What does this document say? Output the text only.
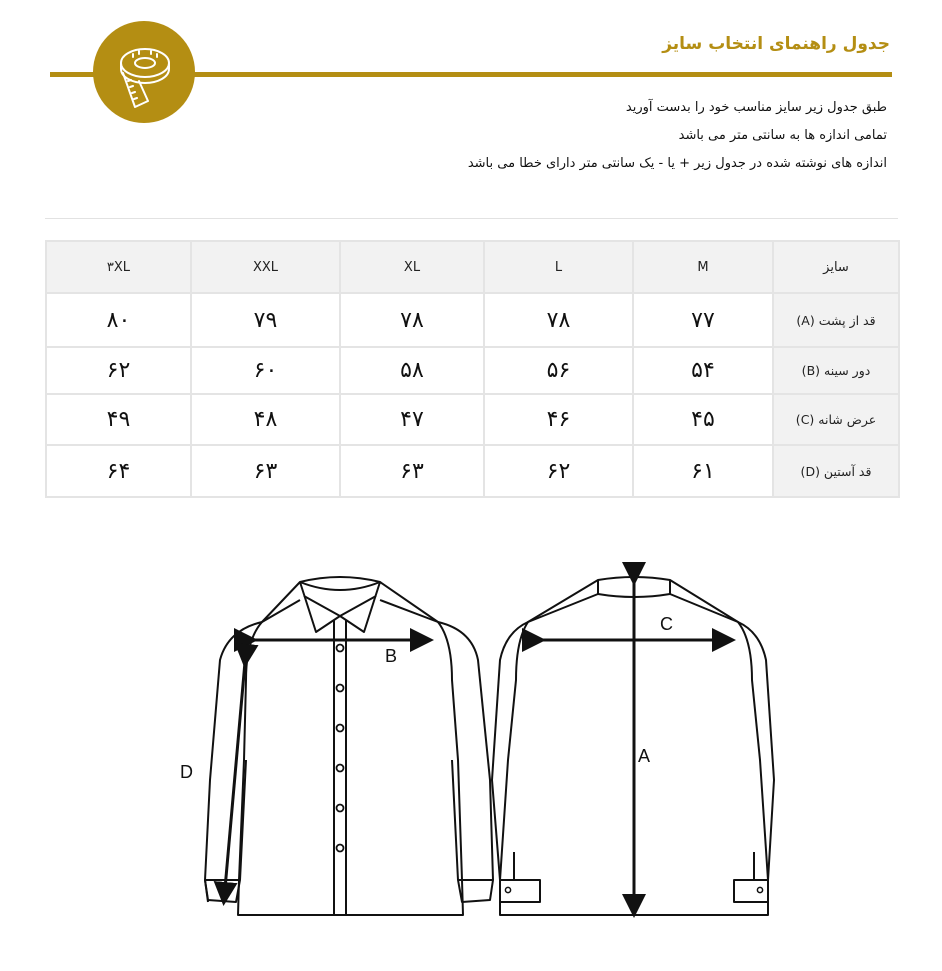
جدول راهنمای انتخاب سایز
طبق جدول زیر سایز مناسب خود را بدست آورید
تمامی اندازه ها به سانتی متر می باشد
اندازه های نوشته شده در جدول زیر + یا - یک سانتی متر دارای خطا می باشد
۳XL	XXL	XL	L	M	سایز
۸۰	۷۹	۷۸	۷۸	۷۷	قد از پشت (A)
۶۲	۶۰	۵۸	۵۶	۵۴	دور سینه (B)
۴۹	۴۸	۴۷	۴۶	۴۵	عرض شانه (C)
۶۴	۶۳	۶۳	۶۲	۶۱	قد آستین (D)
B
D
C
A
